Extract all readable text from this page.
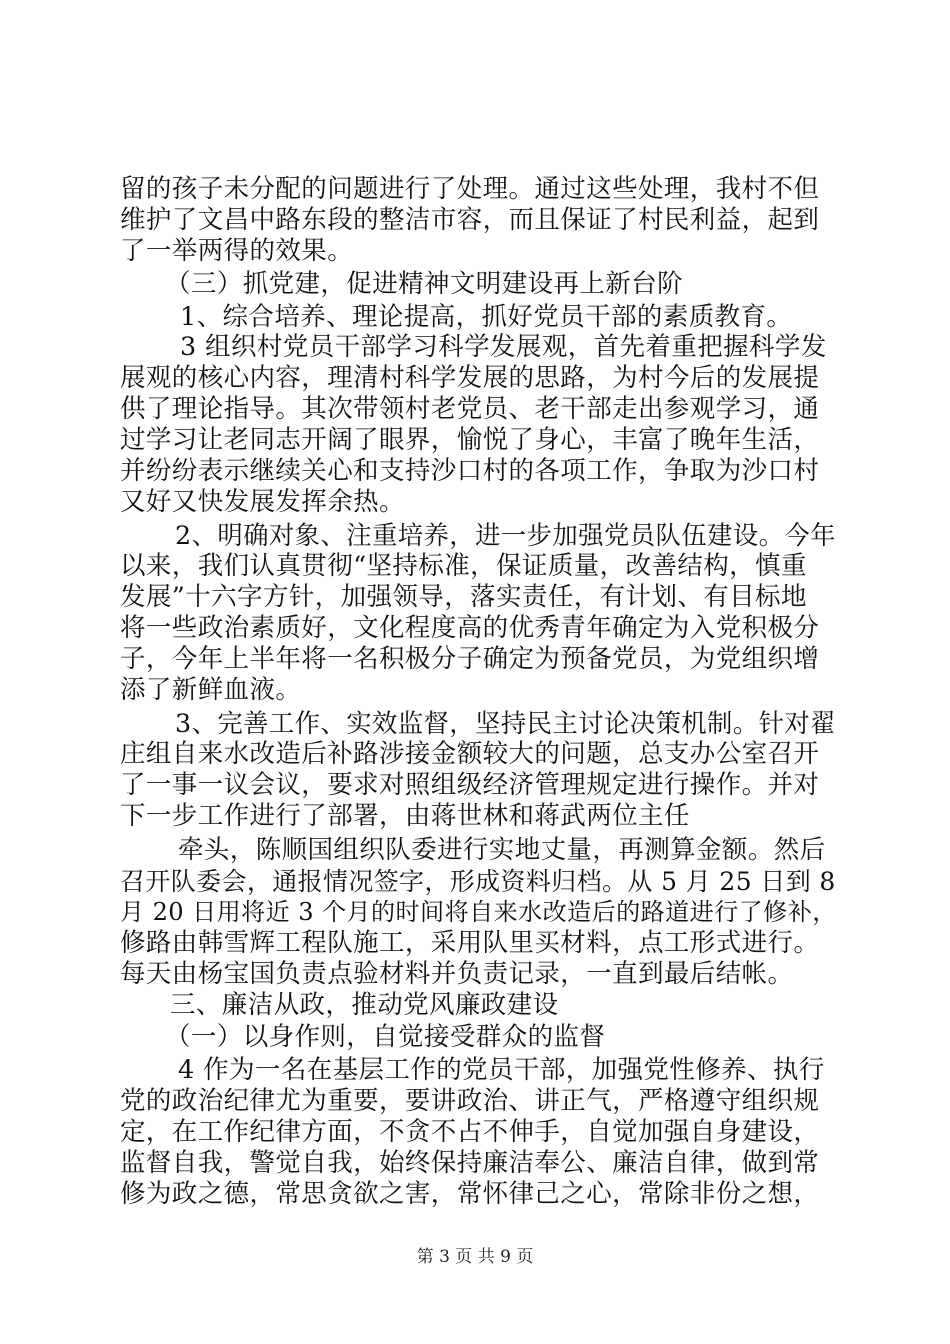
留的孩子未分配的问题进行了处理。通过这些处理，我村不但
维护了文昌中路东段的整洁市容，而且保证了村民利益，起到
了一举两得的效果。
（三）抓党建，促进精神文明建设再上新台阶
1、综合培养、理论提高，抓好党员干部的素质教育。
3 组织村党员干部学习科学发展观，首先着重把握科学发
展观的核心内容，理清村科学发展的思路，为村今后的发展提
供了理论指导。其次带领村老党员、老干部走出参观学习，通
过学习让老同志开阔了眼界，愉悦了身心，丰富了晚年生活，
并纷纷表示继续关心和支持沙口村的各项工作，争取为沙口村
又好又快发展发挥余热。
2、明确对象、注重培养，进一步加强党员队伍建设。今年
以来，我们认真贯彻“坚持标准，保证质量，改善结构，慎重
发展”十六字方针，加强领导，落实责任，有计划、有目标地
将一些政治素质好，文化程度高的优秀青年确定为入党积极分
子，今年上半年将一名积极分子确定为预备党员，为党组织增
添了新鲜血液。
3、完善工作、实效监督，坚持民主讨论决策机制。针对翟
庄组自来水改造后补路涉接金额较大的问题，总支办公室召开
了一事一议会议，要求对照组级经济管理规定进行操作。并对
下一步工作进行了部署，由蒋世林和蒋武两位主任
牵头，陈顺国组织队委进行实地丈量，再测算金额。然后
召开队委会，通报情况签字，形成资料归档。从 5 月 25 日到 8
月 20 日用将近 3 个月的时间将自来水改造后的路道进行了修补，
修路由韩雪辉工程队施工，采用队里买材料，点工形式进行。
每天由杨宝国负责点验材料并负责记录，一直到最后结帐。
三、廉洁从政，推动党风廉政建设
（一）以身作则，自觉接受群众的监督
4 作为一名在基层工作的党员干部，加强党性修养、执行
党的政治纪律尤为重要，要讲政治、讲正气，严格遵守组织规
定，在工作纪律方面，不贪不占不伸手，自觉加强自身建设，
监督自我，警觉自我，始终保持廉洁奉公、廉洁自律，做到常
修为政之德，常思贪欲之害，常怀律己之心，常除非份之想，
第 3 页 共 9 页
